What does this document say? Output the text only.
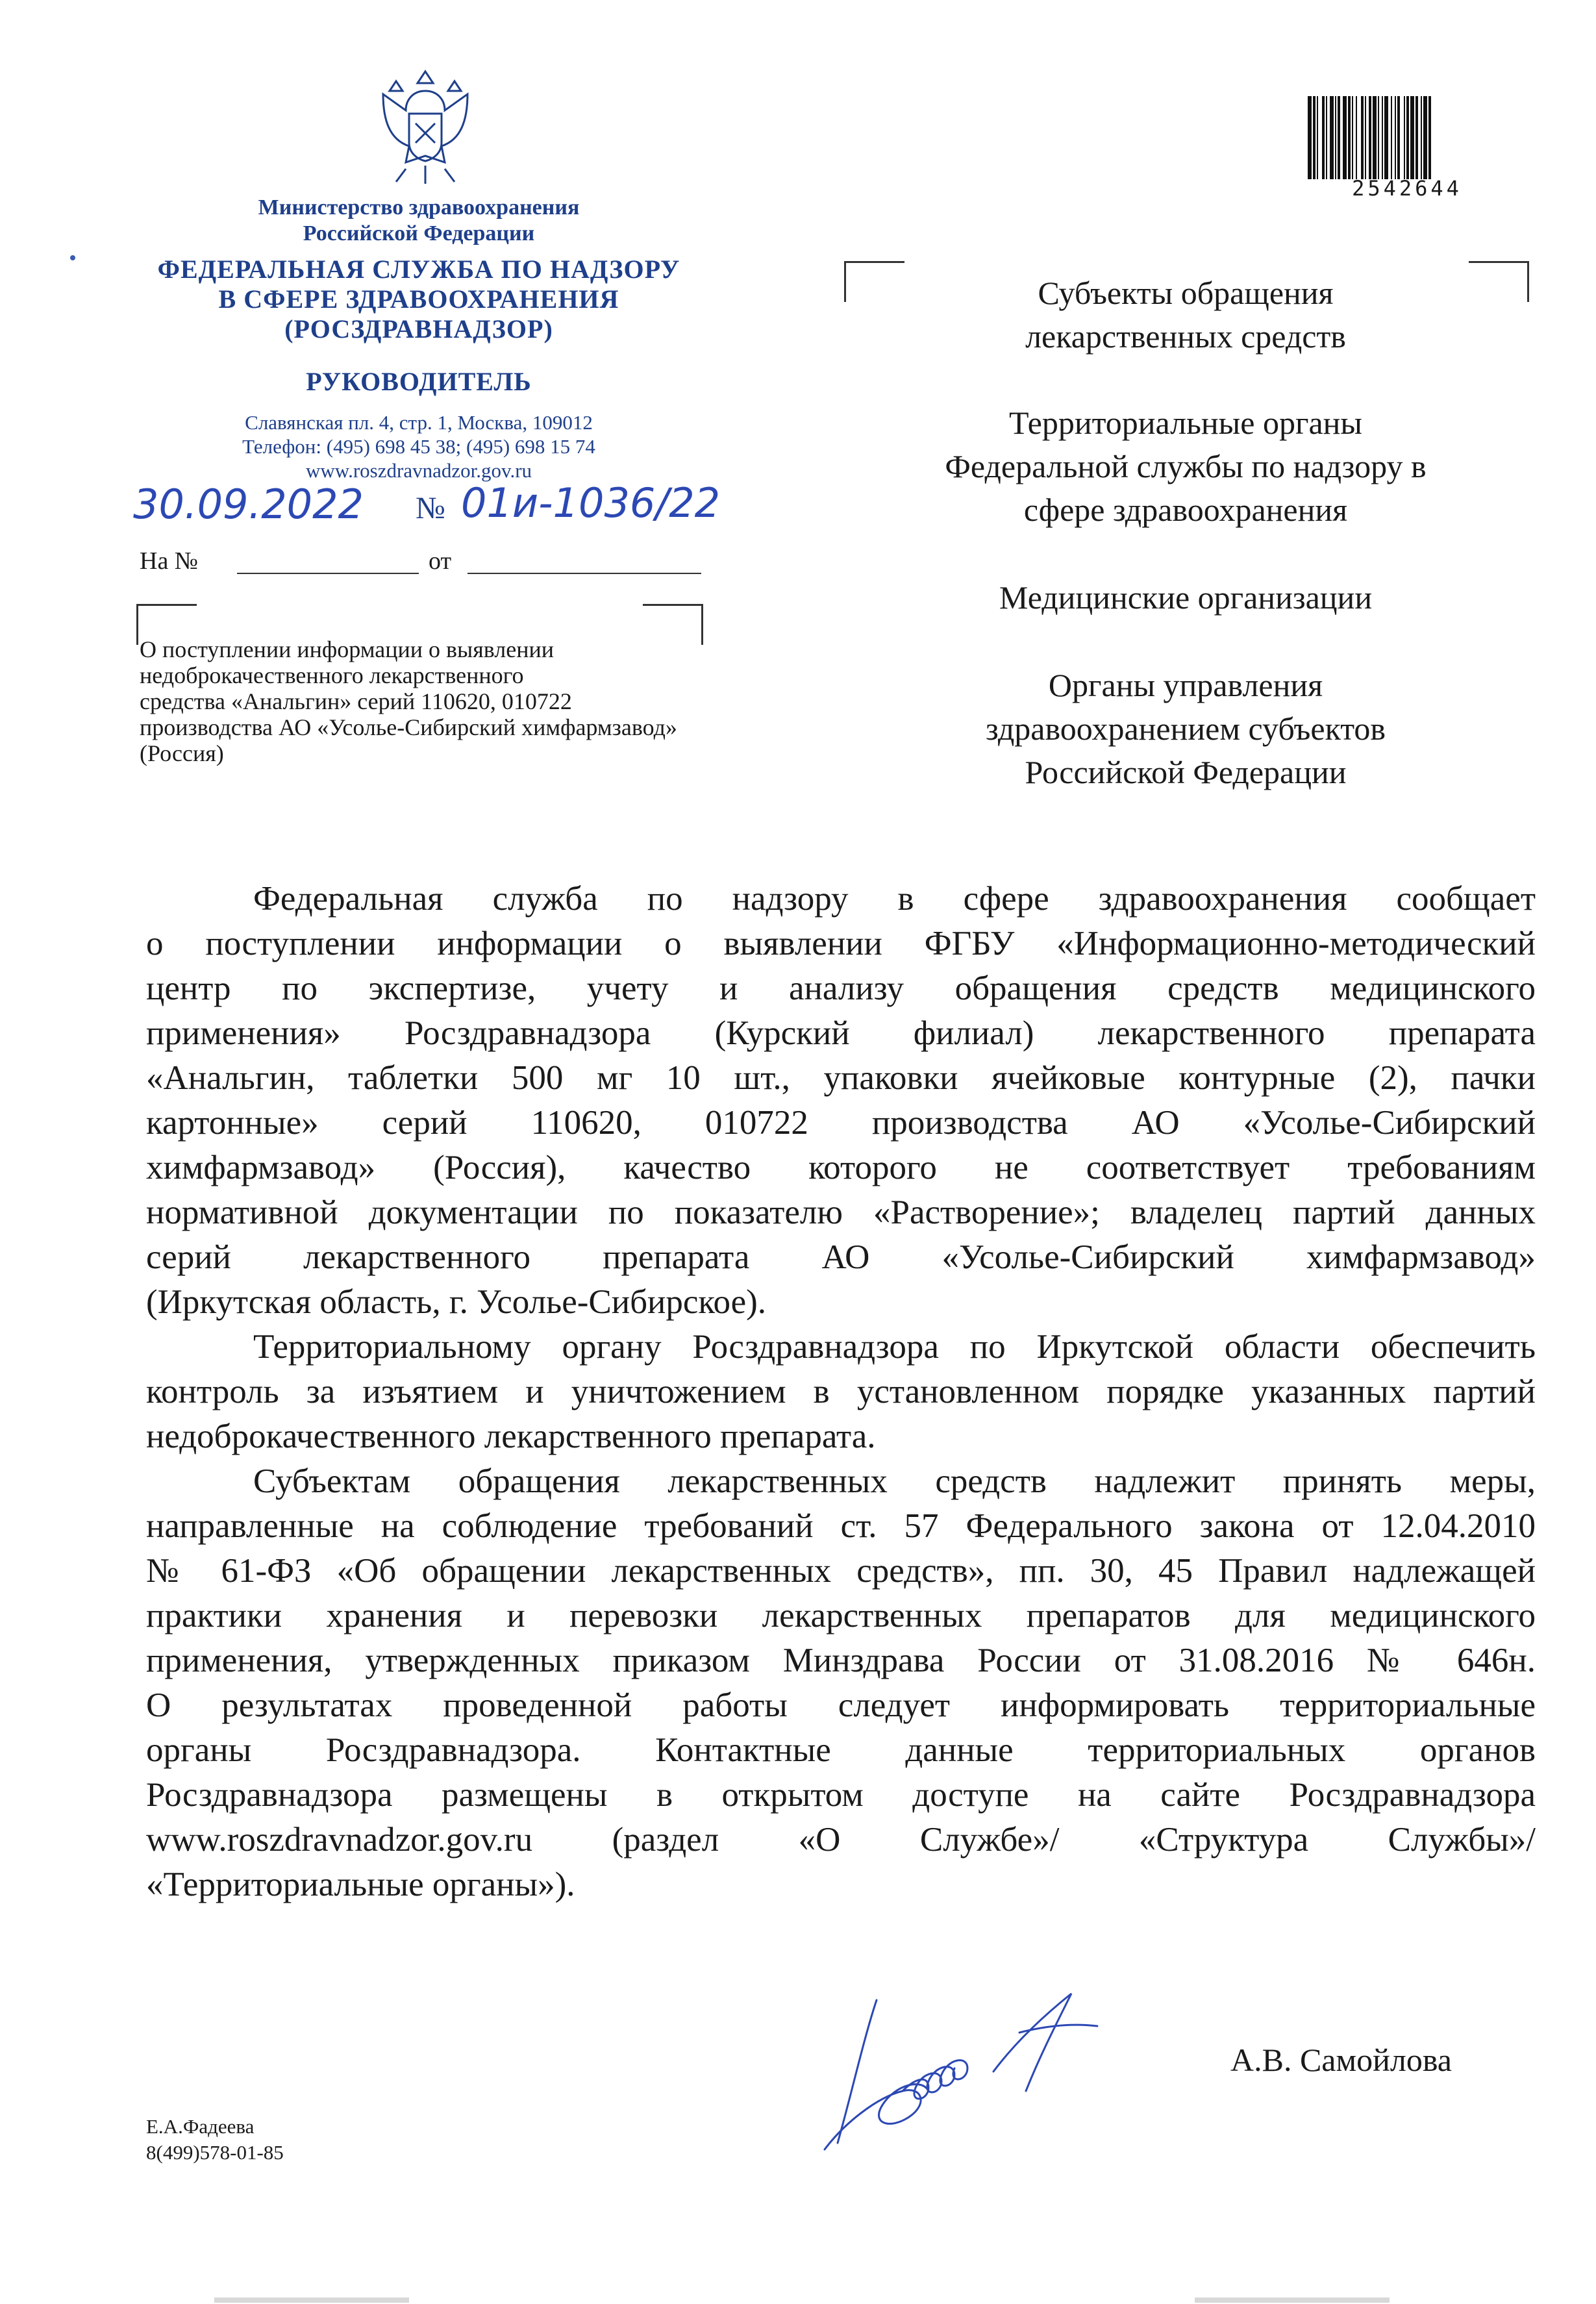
Министерство здравоохранения
Российской Федерации
ФЕДЕРАЛЬНАЯ СЛУЖБА ПО НАДЗОРУ
В СФЕРЕ ЗДРАВООХРАНЕНИЯ
(РОСЗДРАВНАДЗОР)
РУКОВОДИТЕЛЬ
Славянская пл. 4, стр. 1, Москва, 109012
Телефон: (495) 698 45 38; (495) 698 15 74
www.roszdravnadzor.gov.ru
30.09.2022 № 01и-1036/22
На №	от
О поступлении информации о выявлении
недоброкачественного лекарственного
средства «Анальгин» серий 110620, 010722
производства АО «Усолье-Сибирский химфармзавод»
(Россия)
2542644
Субъекты обращения
лекарственных средств
Территориальные органы
Федеральной службы по надзору в
сфере здравоохранения
Медицинские организации
Органы управления
здравоохранением субъектов
Российской Федерации
Федеральная служба по надзору в сфере здравоохранения сообщает
о поступлении информации о выявлении ФГБУ «Информационно-методический
центр по экспертизе, учету и анализу обращения средств медицинского
применения» Росздравнадзора (Курский филиал) лекарственного препарата
«Анальгин, таблетки 500 мг 10 шт., упаковки ячейковые контурные (2), пачки
картонные» серий 110620, 010722 производства АО «Усолье-Сибирский
химфармзавод» (Россия), качество которого не соответствует требованиям
нормативной документации по показателю «Растворение»; владелец партий данных
серий лекарственного препарата АО «Усолье-Сибирский химфармзавод»
(Иркутская область, г. Усолье-Сибирское).
Территориальному органу Росздравнадзора по Иркутской области обеспечить
контроль за изъятием и уничтожением в установленном порядке указанных партий
недоброкачественного лекарственного препарата.
Субъектам обращения лекарственных средств надлежит принять меры,
направленные на соблюдение требований ст. 57 Федерального закона от 12.04.2010
№ 61-ФЗ «Об обращении лекарственных средств», пп. 30, 45 Правил надлежащей
практики хранения и перевозки лекарственных препаратов для медицинского
применения, утвержденных приказом Минздрава России от 31.08.2016 № 646н.
О результатах проведенной работы следует информировать территориальные
органы Росздравнадзора. Контактные данные территориальных органов
Росздравнадзора размещены в открытом доступе на сайте Росздравнадзора
www.roszdravnadzor.gov.ru (раздел «О Службе»/ «Структура Службы»/
«Территориальные органы»).
А.В. Самойлова
Е.А.Фадеева
8(499)578-01-85
